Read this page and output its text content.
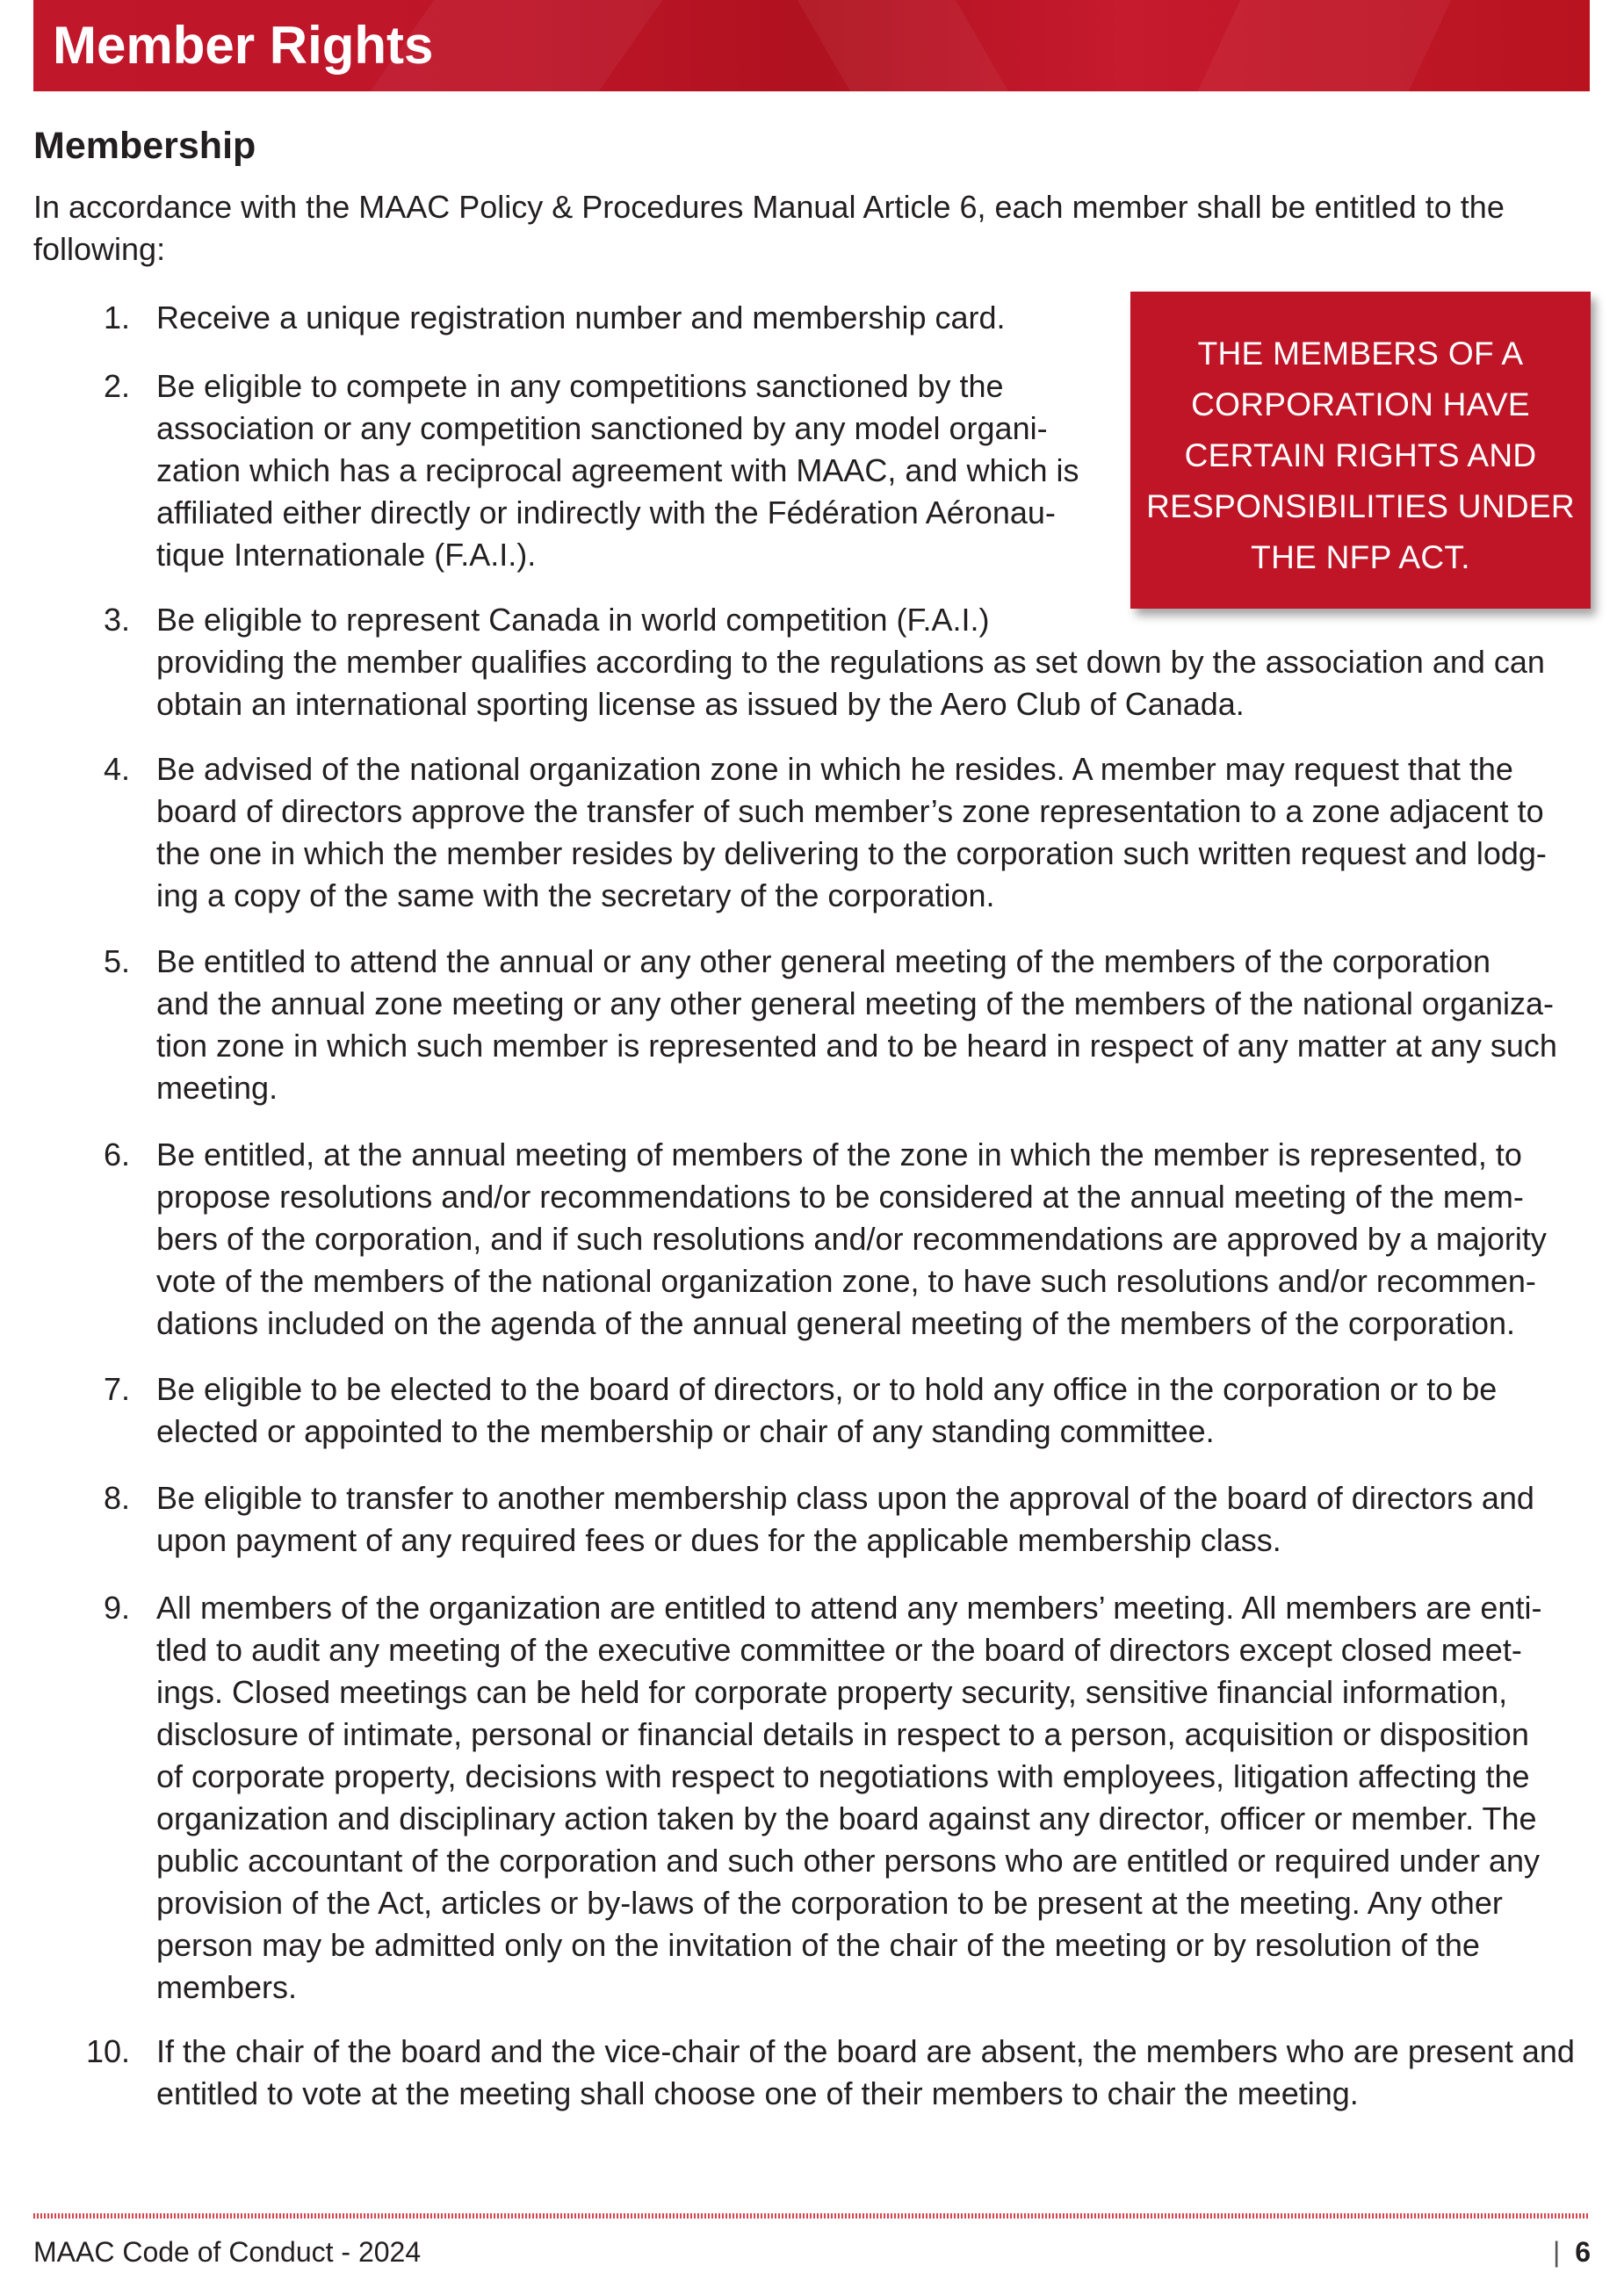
Member Rights
Membership

In accordance with the MAAC Policy & Procedures Manual Article 6, each member shall be entitled to the following:

THE MEMBERS OF A
CORPORATION HAVE
CERTAIN RIGHTS AND
RESPONSIBILITIES UNDER
THE NFP ACT.
1. Receive a unique registration number and membership card.
2. Be eligible to compete in any competitions sanctioned by the
association or any competition sanctioned by any model organi-
zation which has a reciprocal agreement with MAAC, and which is
affiliated either directly or indirectly with the Fédération Aéronau-
tique Internationale (F.A.I.).
3. Be eligible to represent Canada in world competition (F.A.I.)
providing the member qualifies according to the regulations as set down by the association and can
obtain an international sporting license as issued by the Aero Club of Canada.
4. Be advised of the national organization zone in which he resides. A member may request that the
board of directors approve the transfer of such member’s zone representation to a zone adjacent to
the one in which the member resides by delivering to the corporation such written request and lodg-
ing a copy of the same with the secretary of the corporation.
5. Be entitled to attend the annual or any other general meeting of the members of the corporation
and the annual zone meeting or any other general meeting of the members of the national organiza-
tion zone in which such member is represented and to be heard in respect of any matter at any such
meeting.
6. Be entitled, at the annual meeting of members of the zone in which the member is represented, to
propose resolutions and/or recommendations to be considered at the annual meeting of the mem-
bers of the corporation, and if such resolutions and/or recommendations are approved by a majority
vote of the members of the national organization zone, to have such resolutions and/or recommen-
dations included on the agenda of the annual general meeting of the members of the corporation.
7. Be eligible to be elected to the board of directors, or to hold any office in the corporation or to be
elected or appointed to the membership or chair of any standing committee.
8. Be eligible to transfer to another membership class upon the approval of the board of directors and
upon payment of any required fees or dues for the applicable membership class.
9. All members of the organization are entitled to attend any members’ meeting. All members are enti-
tled to audit any meeting of the executive committee or the board of directors except closed meet-
ings. Closed meetings can be held for corporate property security, sensitive financial information,
disclosure of intimate, personal or financial details in respect to a person, acquisition or disposition
of corporate property, decisions with respect to negotiations with employees, litigation affecting the
organization and disciplinary action taken by the board against any director, officer or member. The
public accountant of the corporation and such other persons who are entitled or required under any
provision of the Act, articles or by-laws of the corporation to be present at the meeting. Any other
person may be admitted only on the invitation of the chair of the meeting or by resolution of the
members.
10. If the chair of the board and the vice-chair of the board are absent, the members who are present and
entitled to vote at the meeting shall choose one of their members to chair the meeting.
MAAC Code of Conduct - 2024	| 6
